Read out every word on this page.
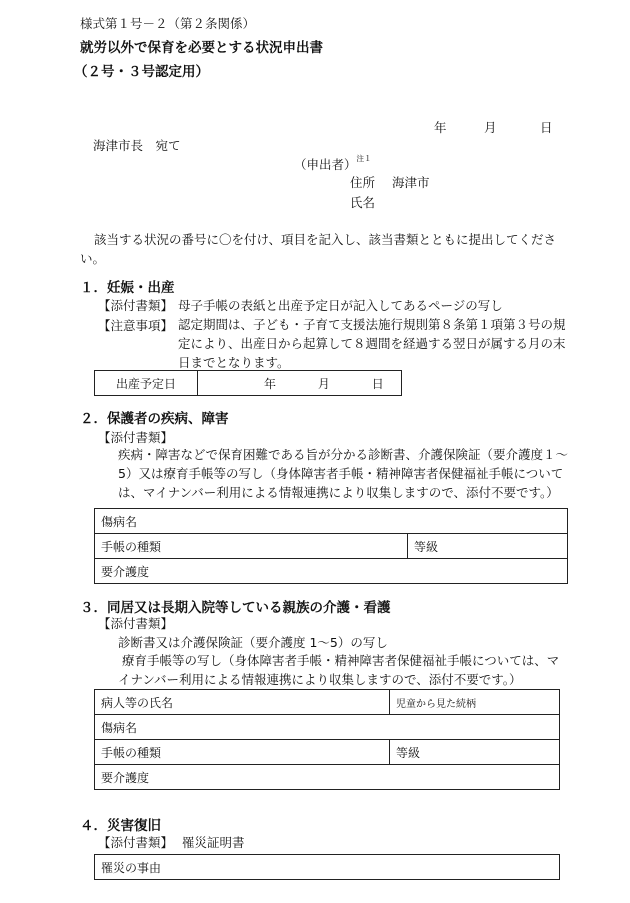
様式第１号－２（第２条関係）
就労以外で保育を必要とする状況申出書
（２号・３号認定用）
年	月	日
海津市長　宛て
（申出者）$^{注1}$
住所 海津市
氏名
該当する状況の番号に〇を付け、項目を記入し、該当書類とともに提出してください。
１．妊娠・出産
【添付書類】 母子手帳の表紙と出産予定日が記入してあるページの写し
【注意事項】 認定期間は、子ども・子育て支援法施行規則第８条第１項第３号の規定により、出産日から起算して８週間を経過する翌日が属する月の末日までとなります。
出産予定日	年	月	日
２．保護者の疾病、障害
【添付書類】
疾病・障害などで保育困難である旨が分かる診断書、介護保険証（要介護度１～5）又は療育手帳等の写し（身体障害者手帳・精神障害者保健福祉手帳については、マイナンバー利用による情報連携により収集しますので、添付不要です。）
傷病名
手帳の種類	等級
要介護度
３．同居又は長期入院等している親族の介護・看護
【添付書類】
診断書又は介護保険証（要介護度 1～5）の写し
療育手帳等の写し（身体障害者手帳・精神障害者保健福祉手帳については、マイナンバー利用による情報連携により収集しますので、添付不要です。）
病人等の氏名	児童から見た続柄
傷病名	
手帳の種類	等級
要介護度	
４．災害復旧
【添付書類】 罹災証明書
罹災の事由
